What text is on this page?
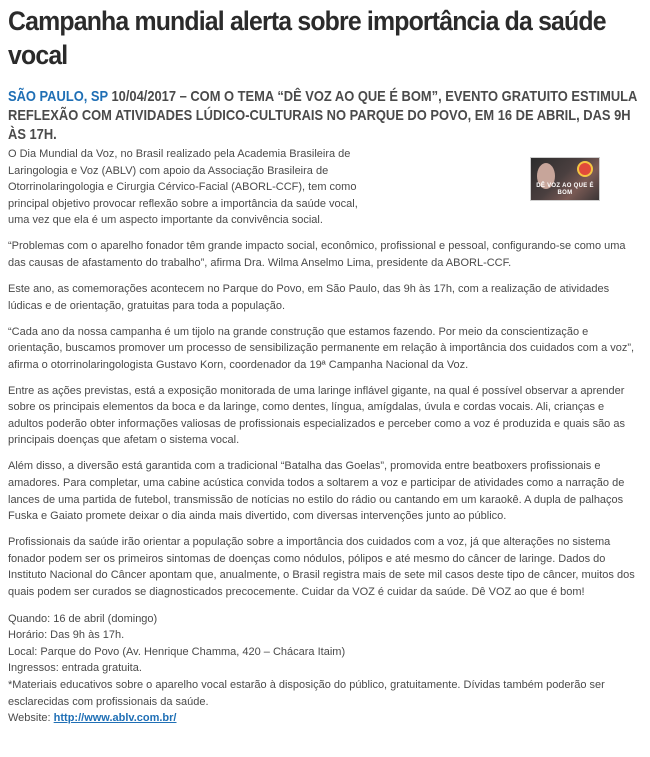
Campanha mundial alerta sobre importância da saúde vocal
SÃO PAULO, SP 10/04/2017 – COM O TEMA “DÊ VOZ AO QUE É BOM”, EVENTO GRATUITO ESTIMULA REFLEXÃO COM ATIVIDADES LÚDICO-CULTURAIS NO PARQUE DO POVO, EM 16 DE ABRIL, DAS 9H ÀS 17H.
DÊ VOZ AO QUE É BOM

O Dia Mundial da Voz, no Brasil realizado pela Academia Brasileira de Laringologia e Voz (ABLV) com apoio da Associação Brasileira de Otorrinolaringologia e Cirurgia Cérvico-Facial (ABORL-CCF), tem como principal objetivo provocar reflexão sobre a importância da saúde vocal, uma vez que ela é um aspecto importante da convivência social.

“Problemas com o aparelho fonador têm grande impacto social, econômico, profissional e pessoal, configurando-se como uma das causas de afastamento do trabalho”, afirma Dra. Wilma Anselmo Lima, presidente da ABORL-CCF.

Este ano, as comemorações acontecem no Parque do Povo, em São Paulo, das 9h às 17h, com a realização de atividades lúdicas e de orientação, gratuitas para toda a população.

“Cada ano da nossa campanha é um tijolo na grande construção que estamos fazendo. Por meio da conscientização e orientação, buscamos promover um processo de sensibilização permanente em relação à importância dos cuidados com a voz”, afirma o otorrinolaringologista Gustavo Korn, coordenador da 19ª Campanha Nacional da Voz.

Entre as ações previstas, está a exposição monitorada de uma laringe inflável gigante, na qual é possível observar a aprender sobre os principais elementos da boca e da laringe, como dentes, língua, amígdalas, úvula e cordas vocais. Ali, crianças e adultos poderão obter informações valiosas de profissionais especializados e perceber como a voz é produzida e quais são as principais doenças que afetam o sistema vocal.

Além disso, a diversão está garantida com a tradicional “Batalha das Goelas”, promovida entre beatboxers profissionais e amadores. Para completar, uma cabine acústica convida todos a soltarem a voz e participar de atividades como a narração de lances de uma partida de futebol, transmissão de notícias no estilo do rádio ou cantando em um karaokê. A dupla de palhaços Fuska e Gaiato promete deixar o dia ainda mais divertido, com diversas intervenções junto ao público.

Profissionais da saúde irão orientar a população sobre a importância dos cuidados com a voz, já que alterações no sistema fonador podem ser os primeiros sintomas de doenças como nódulos, pólipos e até mesmo do câncer de laringe. Dados do Instituto Nacional do Câncer apontam que, anualmente, o Brasil registra mais de sete mil casos deste tipo de câncer, muitos dos quais podem ser curados se diagnosticados precocemente. Cuidar da VOZ é cuidar da saúde. Dê VOZ ao que é bom!

Quando: 16 de abril (domingo)
Horário: Das 9h às 17h.
Local: Parque do Povo (Av. Henrique Chamma, 420 – Chácara Itaim)
Ingressos: entrada gratuita.
*Materiais educativos sobre o aparelho vocal estarão à disposição do público, gratuitamente. Dívidas também poderão ser esclarecidas com profissionais da saúde.
Website: http://www.ablv.com.br/
